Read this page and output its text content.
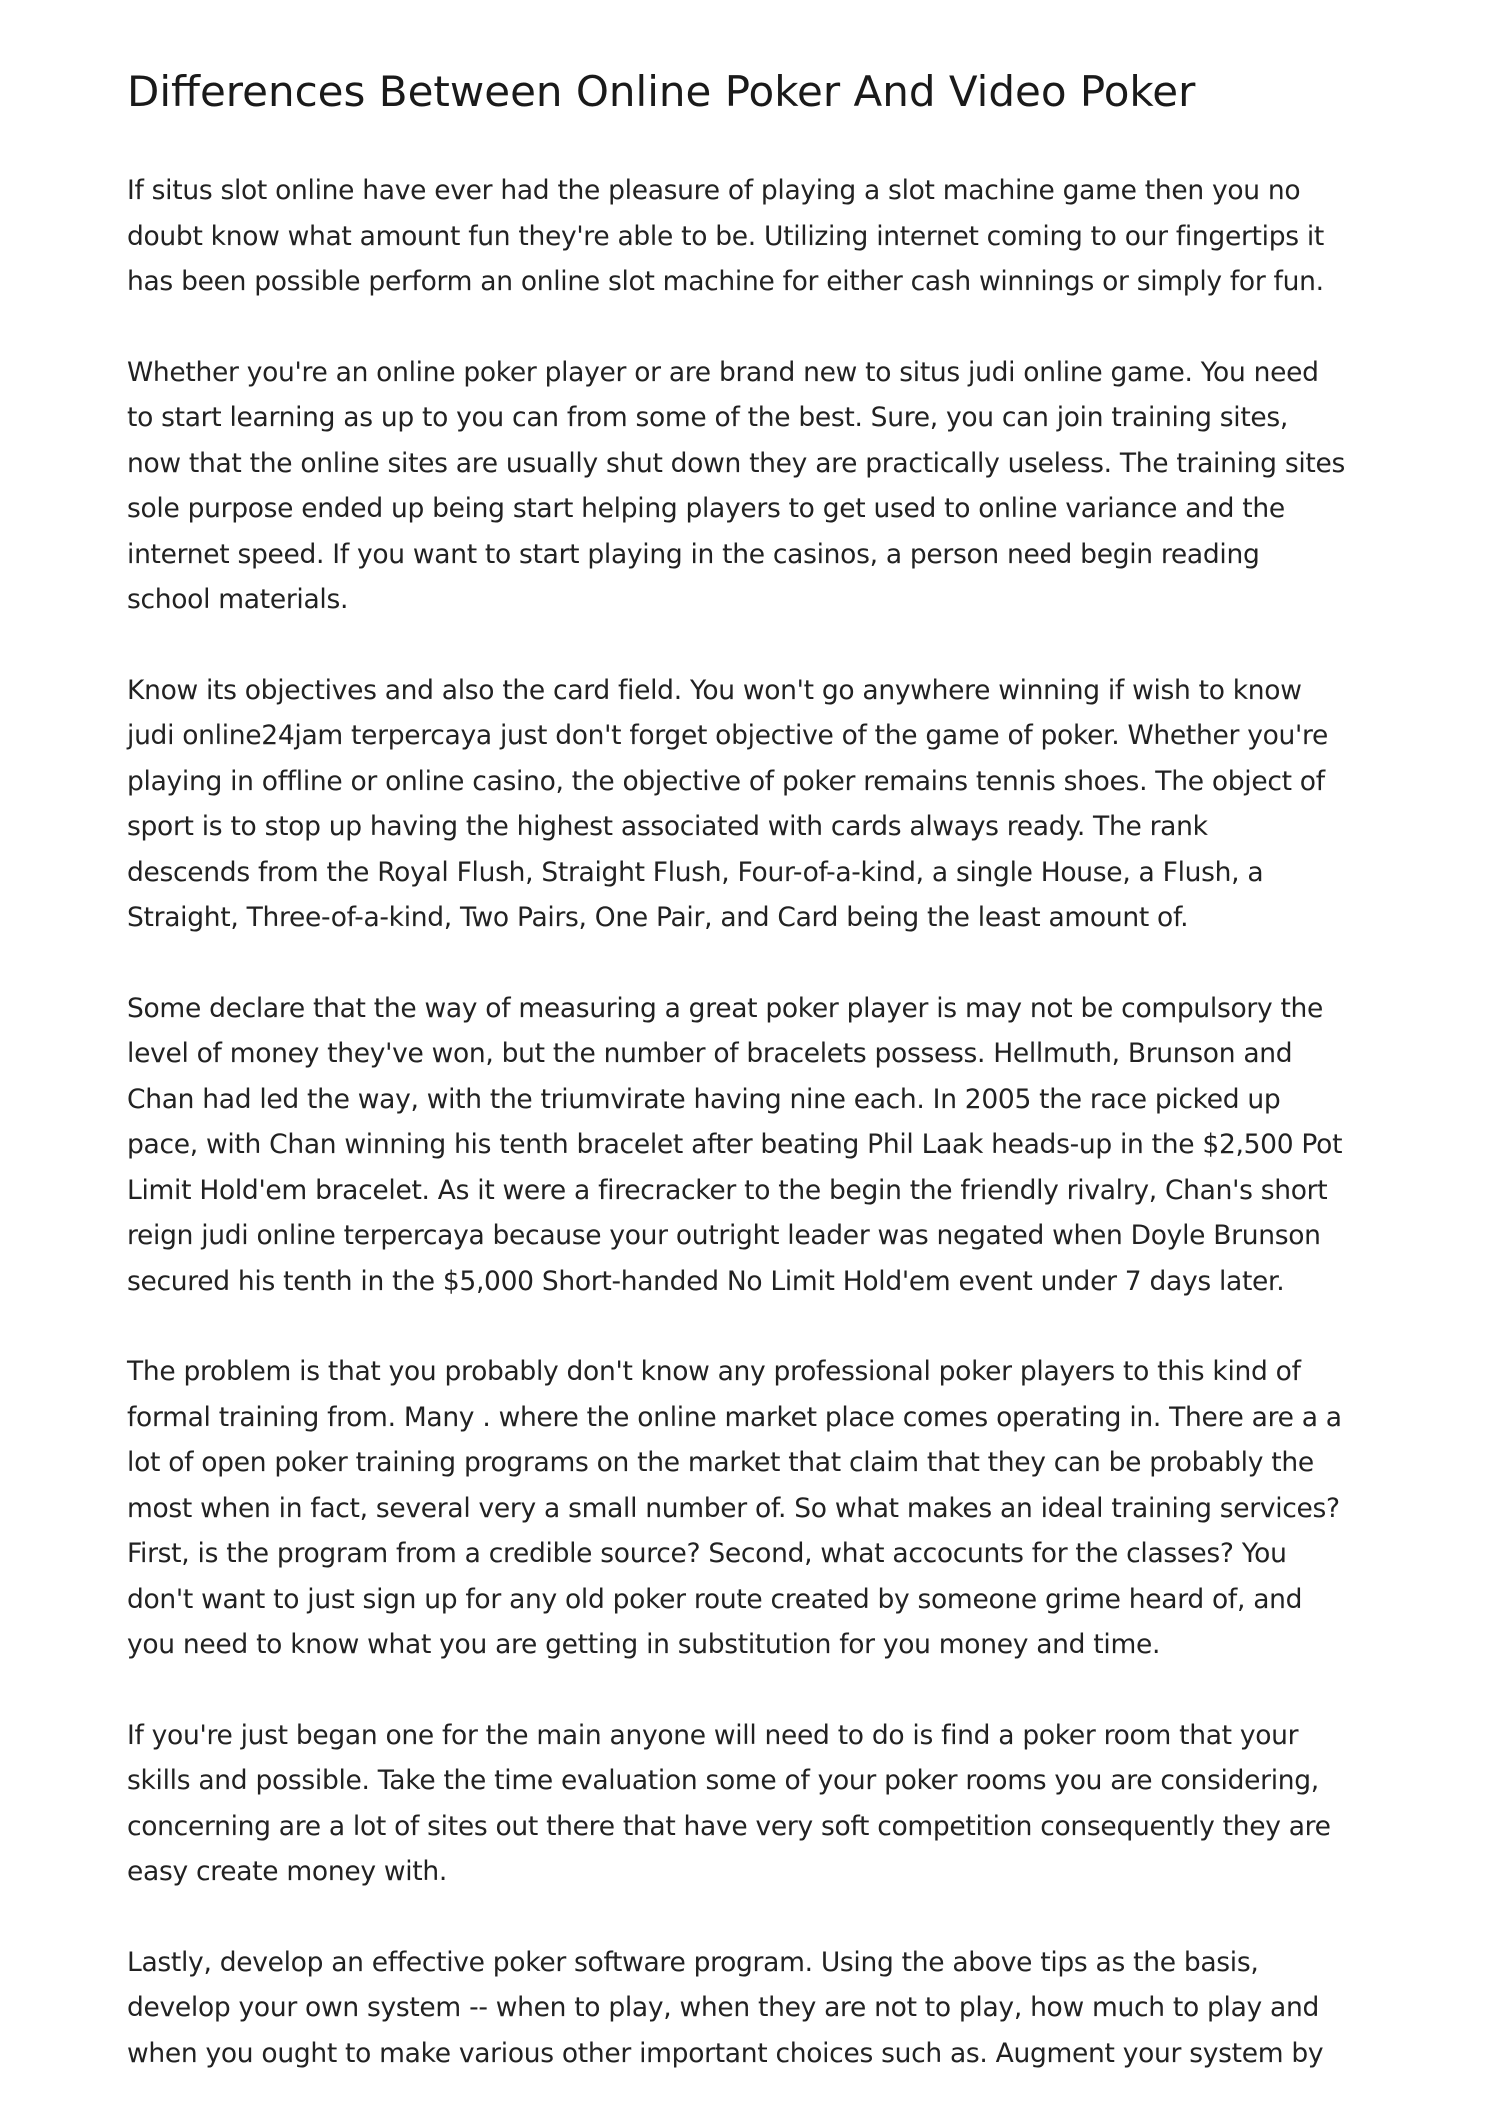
Differences Between Online Poker And Video Poker

If situs slot online have ever had the pleasure of playing a slot machine game then you no
doubt know what amount fun they're able to be. Utilizing internet coming to our fingertips it
has been possible perform an online slot machine for either cash winnings or simply for fun.

Whether you're an online poker player or are brand new to situs judi online game. You need
to start learning as up to you can from some of the best. Sure, you can join training sites,
now that the online sites are usually shut down they are practically useless. The training sites
sole purpose ended up being start helping players to get used to online variance and the
internet speed. If you want to start playing in the casinos, a person need begin reading
school materials.

Know its objectives and also the card field. You won't go anywhere winning if wish to know
judi online24jam terpercaya just don't forget objective of the game of poker. Whether you're
playing in offline or online casino, the objective of poker remains tennis shoes. The object of
sport is to stop up having the highest associated with cards always ready. The rank
descends from the Royal Flush, Straight Flush, Four-of-a-kind, a single House, a Flush, a
Straight, Three-of-a-kind, Two Pairs, One Pair, and Card being the least amount of.

Some declare that the way of measuring a great poker player is may not be compulsory the
level of money they've won, but the number of bracelets possess. Hellmuth, Brunson and
Chan had led the way, with the triumvirate having nine each. In 2005 the race picked up
pace, with Chan winning his tenth bracelet after beating Phil Laak heads-up in the $2,500 Pot
Limit Hold'em bracelet. As it were a firecracker to the begin the friendly rivalry, Chan's short
reign judi online terpercaya because your outright leader was negated when Doyle Brunson
secured his tenth in the $5,000 Short-handed No Limit Hold'em event under 7 days later.

The problem is that you probably don't know any professional poker players to this kind of
formal training from. Many . where the online market place comes operating in. There are a a
lot of open poker training programs on the market that claim that they can be probably the
most when in fact, several very a small number of. So what makes an ideal training services?
First, is the program from a credible source? Second, what accocunts for the classes? You
don't want to just sign up for any old poker route created by someone grime heard of, and
you need to know what you are getting in substitution for you money and time.

If you're just began one for the main anyone will need to do is find a poker room that your
skills and possible. Take the time evaluation some of your poker rooms you are considering,
concerning are a lot of sites out there that have very soft competition consequently they are
easy create money with.

Lastly, develop an effective poker software program. Using the above tips as the basis,
develop your own system -- when to play, when they are not to play, how much to play and
when you ought to make various other important choices such as. Augment your system by
